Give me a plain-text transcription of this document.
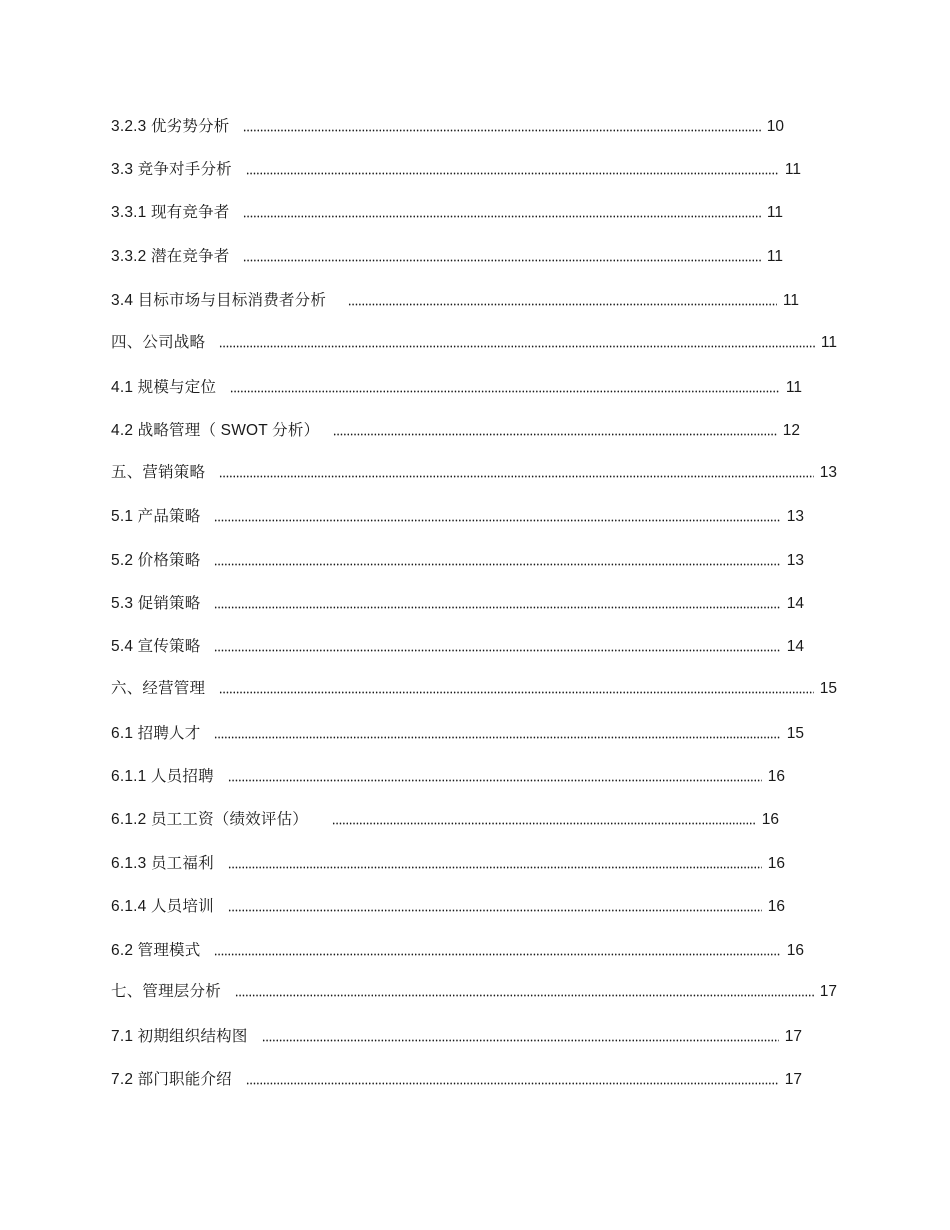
3.2.3 优劣势分析	10
3.3 竞争对手分析	11
3.3.1 现有竞争者	11
3.3.2 潜在竞争者	11
3.4 目标市场与目标消费者分析	11
四、公司战略	11
4.1 规模与定位	11
4.2 战略管理（ SWOT 分析）	12
五、营销策略	13
5.1 产品策略	13
5.2 价格策略	13
5.3 促销策略	14
5.4 宣传策略	14
六、经营管理	15
6.1 招聘人才	15
6.1.1 人员招聘	16
6.1.2 员工工资（绩效评估）	16
6.1.3 员工福利	16
6.1.4 人员培训	16
6.2 管理模式	16
七、管理层分析	17
7.1 初期组织结构图	17
7.2 部门职能介绍	17
